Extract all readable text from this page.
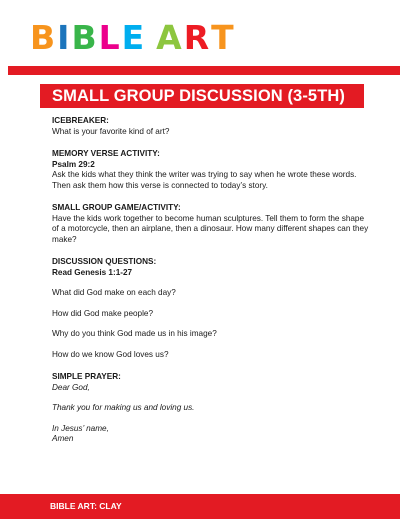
BIBLE ART
SMALL GROUP DISCUSSION (3-5TH)

ICEBREAKER:

What is your favorite kind of art?

MEMORY VERSE ACTIVITY:

Psalm 29:2

Ask the kids what they think the writer was trying to say when he wrote these words.

Then ask them how this verse is connected to today’s story.

SMALL GROUP GAME/ACTIVITY:

Have the kids work together to become human sculptures. Tell them to form the shape

of a motorcycle, then an airplane, then a dinosaur. How many different shapes can they

make?

DISCUSSION QUESTIONS:

Read Genesis 1:1-27

What did God make on each day?

How did God make people?

Why do you think God made us in his image?

How do we know God loves us?

SIMPLE PRAYER:

Dear God,

Thank you for making us and loving us.

In Jesus’ name,

Amen

BIBLE ART: CLAY
